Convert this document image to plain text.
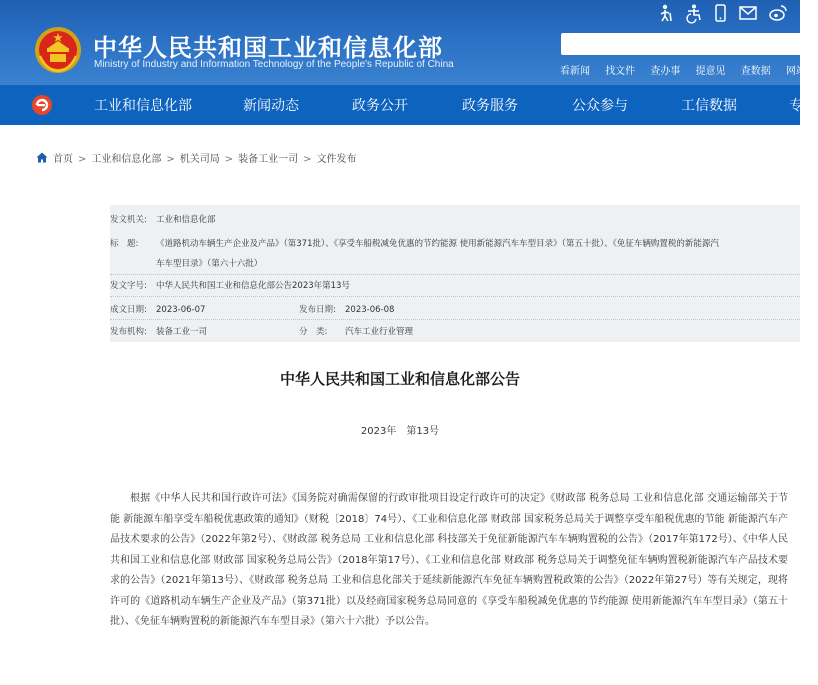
中华人民共和国工业和信息化部
Ministry of Industry and Information Technology of the People's Republic of China
看新闻 找文件 查办事 提意见 查数据 网站
工业和信息化部	新闻动态	政务公开	政务服务	公众参与	工信数据	专
首页 > 工业和信息化部 > 机关司局 > 装备工业一司 > 文件发布
发文机关: 工业和信息化部
标　题: 《道路机动车辆生产企业及产品》（第371批）、《享受车船税减免优惠的节约能源 使用新能源汽车车型目录》（第五十批）、《免征车辆购置税的新能源汽
车车型目录》（第六十六批）
发文字号: 中华人民共和国工业和信息化部公告2023年第13号
成文日期: 2023-06-07	发布日期: 2023-06-08
发布机构: 装备工业一司	分　类: 汽车工业行业管理
中华人民共和国工业和信息化部公告
2023年　第13号
根据《中华人民共和国行政许可法》《国务院对确需保留的行政审批项目设定行政许可的决定》《财政部 税务总局 工业和信息化部 交通运输部关于节能 新能源车船享受车船税优惠政策的通知》（财税〔2018〕74号）、《工业和信息化部 财政部 国家税务总局关于调整享受车船税优惠的节能 新能源汽车产品技术要求的公告》（2022年第2号）、《财政部 税务总局 工业和信息化部 科技部关于免征新能源汽车车辆购置税的公告》（2017年第172号）、《中华人民共和国工业和信息化部 财政部 国家税务总局公告》（2018年第17号）、《工业和信息化部 财政部 税务总局关于调整免征车辆购置税新能源汽车产品技术要求的公告》（2021年第13号）、《财政部 税务总局 工业和信息化部关于延续新能源汽车免征车辆购置税政策的公告》（2022年第27号）等有关规定，现将许可的《道路机动车辆生产企业及产品》（第371批）以及经商国家税务总局同意的《享受车船税减免优惠的节约能源 使用新能源汽车车型目录》（第五十批）、《免征车辆购置税的新能源汽车车型目录》（第六十六批）予以公告。
